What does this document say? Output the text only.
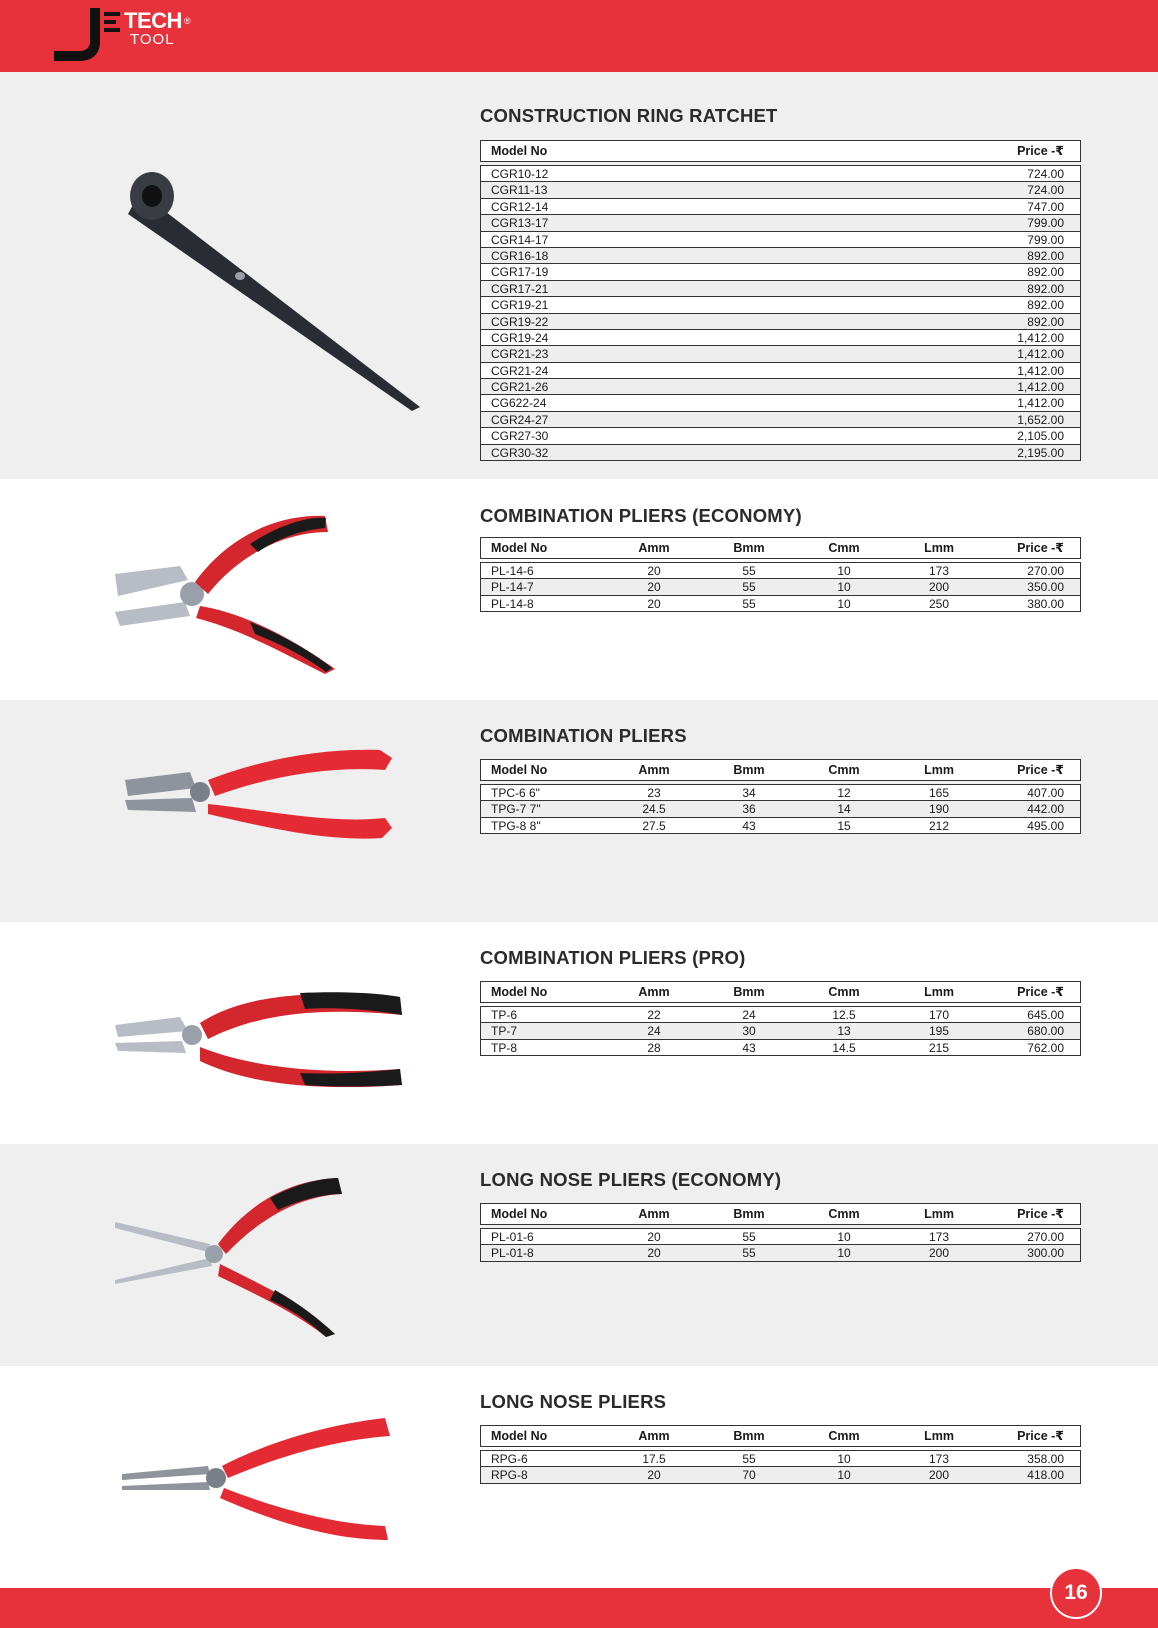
TECH ®
TOOL
CONSTRUCTION RING RATCHET
Model No	Price -₹
CGR10-12	724.00
CGR11-13	724.00
CGR12-14	747.00
CGR13-17	799.00
CGR14-17	799.00
CGR16-18	892.00
CGR17-19	892.00
CGR17-21	892.00
CGR19-21	892.00
CGR19-22	892.00
CGR19-24	1,412.00
CGR21-23	1,412.00
CGR21-24	1,412.00
CGR21-26	1,412.00
CG622-24	1,412.00
CGR24-27	1,652.00
CGR27-30	2,105.00
CGR30-32	2,195.00
COMBINATION PLIERS (ECONOMY)
Model No	Amm	Bmm	Cmm	Lmm	Price -₹
PL-14-6	20	55	10	173	270.00
PL-14-7	20	55	10	200	350.00
PL-14-8	20	55	10	250	380.00
COMBINATION PLIERS
Model No	Amm	Bmm	Cmm	Lmm	Price -₹
TPC-6 6"	23	34	12	165	407.00
TPG-7 7"	24.5	36	14	190	442.00
TPG-8 8"	27.5	43	15	212	495.00
COMBINATION PLIERS (PRO)
Model No	Amm	Bmm	Cmm	Lmm	Price -₹
TP-6	22	24	12.5	170	645.00
TP-7	24	30	13	195	680.00
TP-8	28	43	14.5	215	762.00
LONG NOSE PLIERS (ECONOMY)
Model No	Amm	Bmm	Cmm	Lmm	Price -₹
PL-01-6	20	55	10	173	270.00
PL-01-8	20	55	10	200	300.00
LONG NOSE PLIERS
Model No	Amm	Bmm	Cmm	Lmm	Price -₹
RPG-6	17.5	55	10	173	358.00
RPG-8	20	70	10	200	418.00
16
